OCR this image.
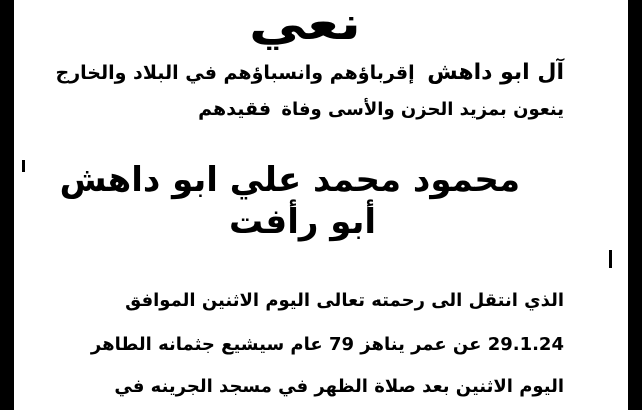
نعي
آل ابو داهش إقرباؤهم وانسباؤهم في البلاد والخارج
ينعون بمزيد الحزن والأسى وفاة فقيدهم
محمود محمد علي ابو داهش
أبو رأفت
الذي انتقل الى رحمته تعالى اليوم الاثنين الموافق
29.1.24 عن عمر يناهز 79 عام سيشيع جثمانه الطاهر
اليوم الاثنين بعد صلاة الظهر في مسجد الجرينه في
